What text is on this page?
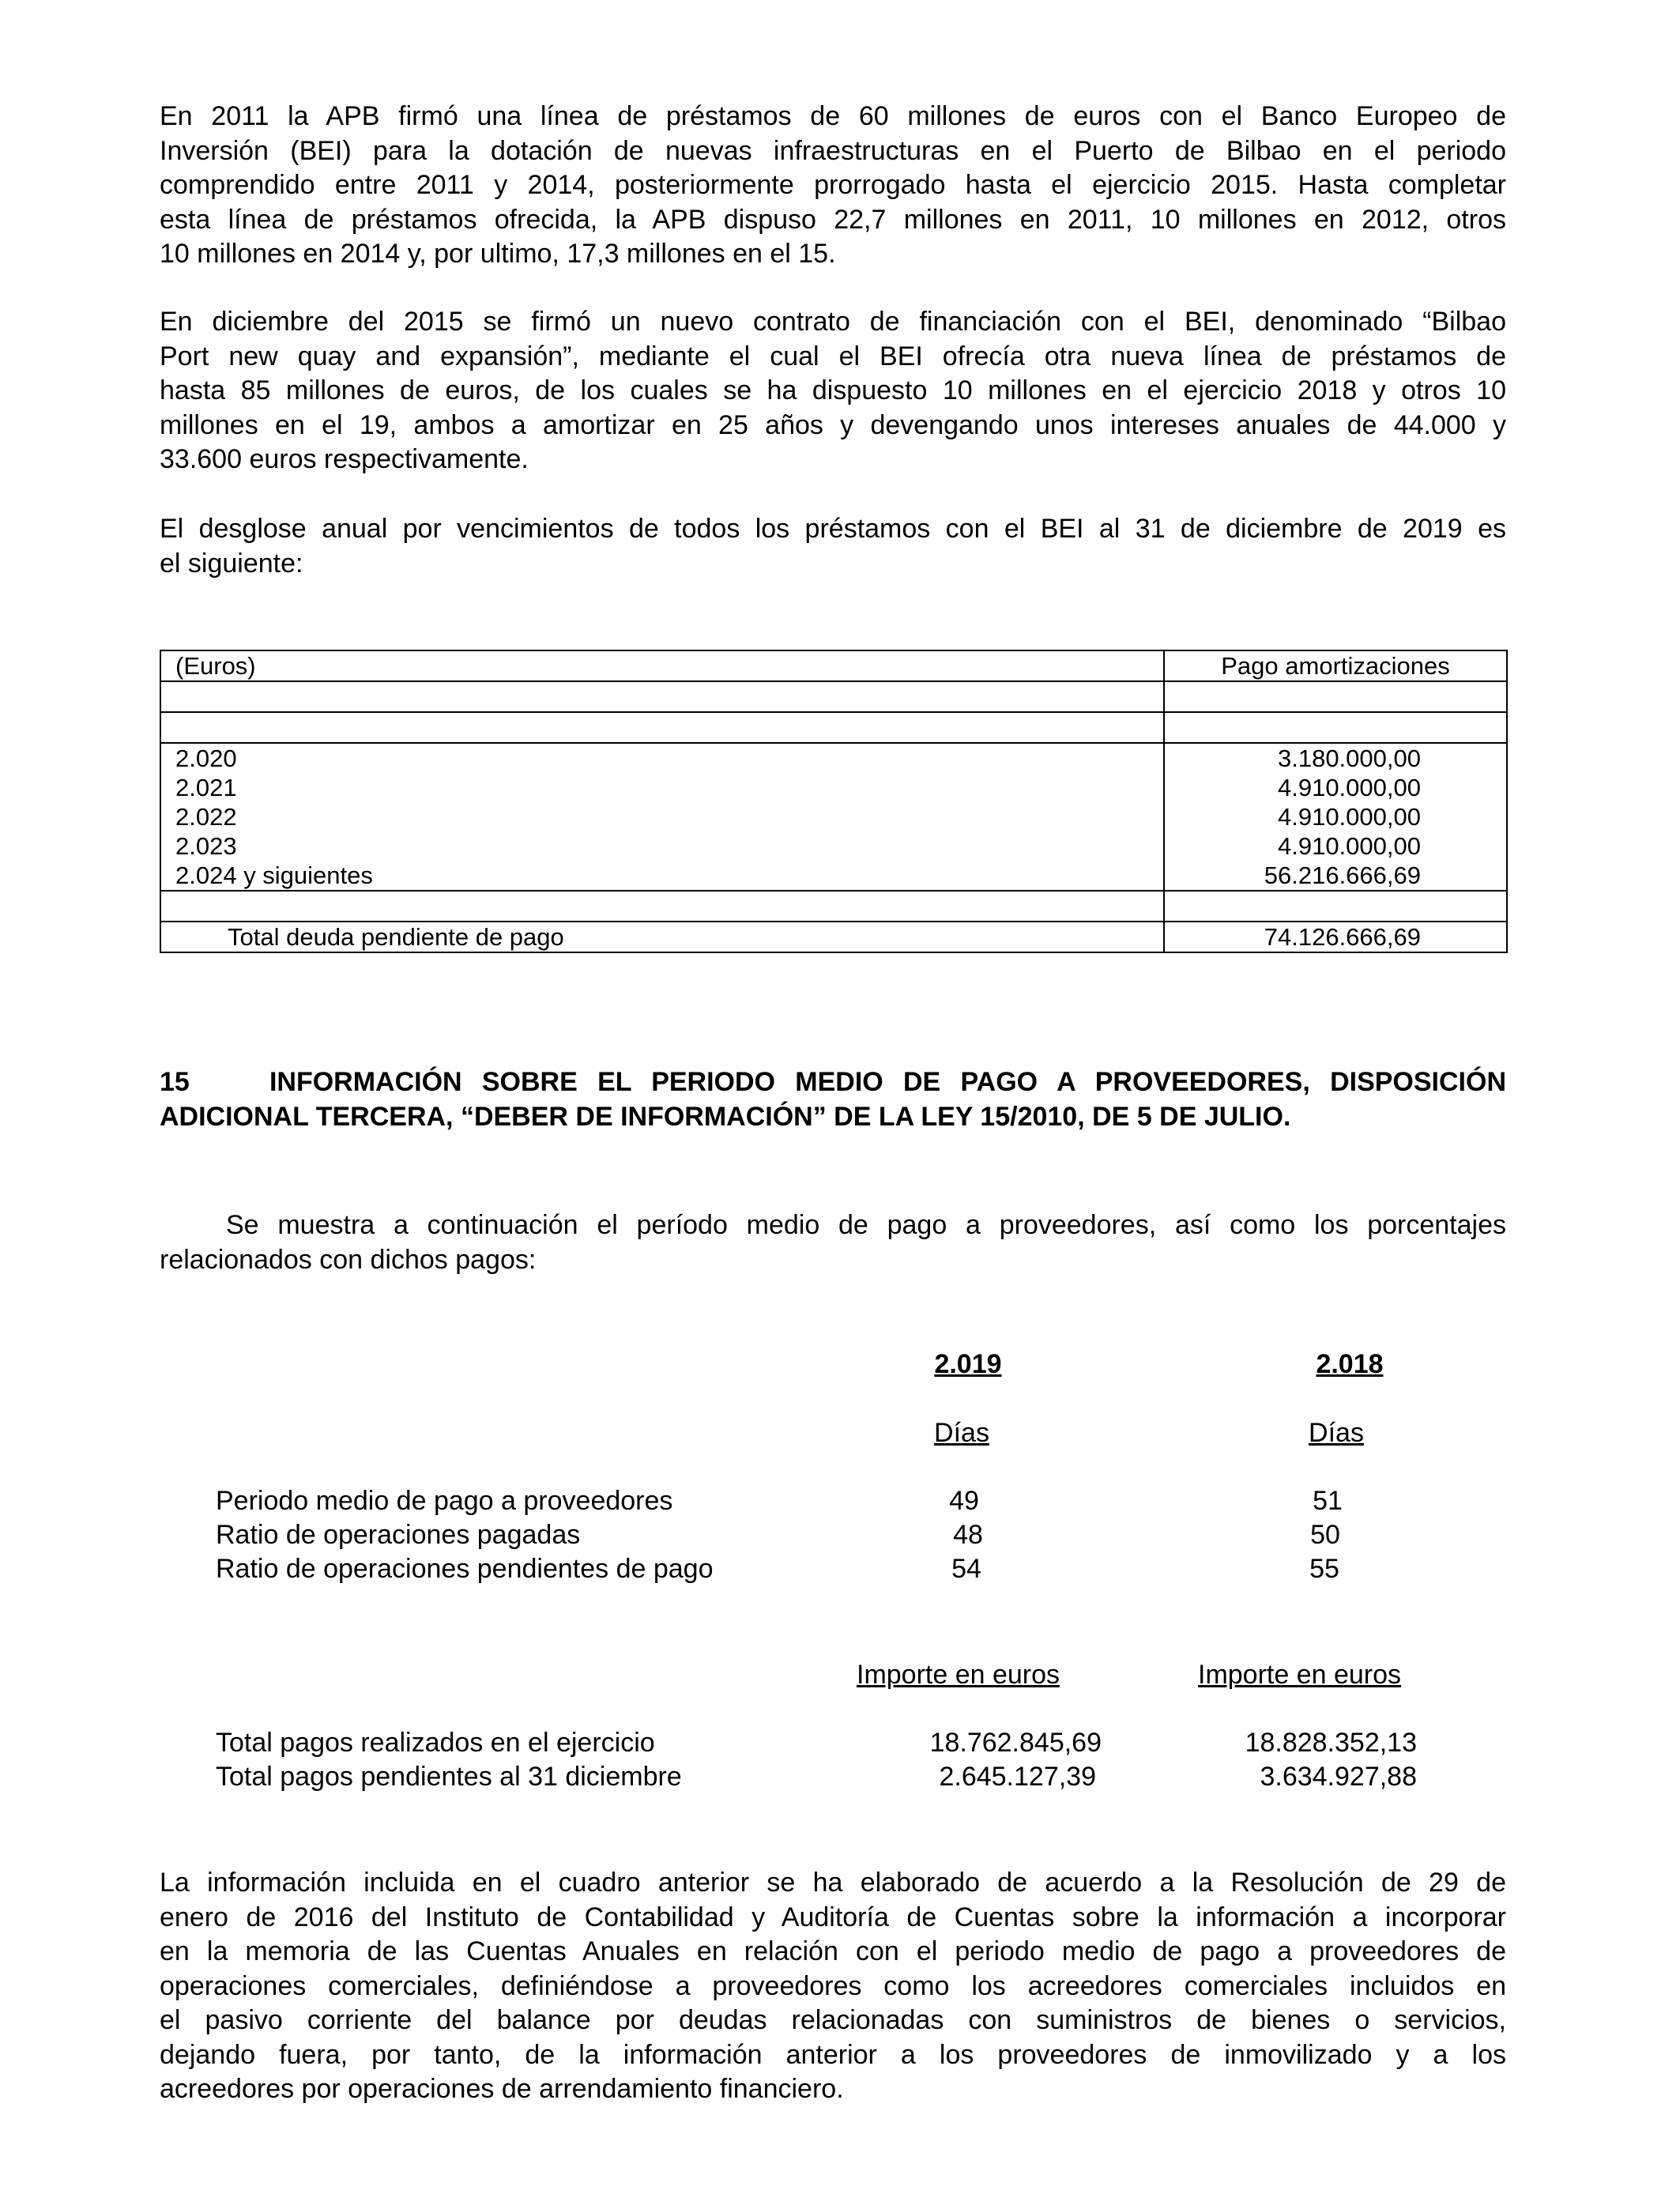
En 2011 la APB firmó una línea de préstamos de 60 millones de euros con el Banco Europeo de
Inversión (BEI) para la dotación de nuevas infraestructuras en el Puerto de Bilbao en el periodo
comprendido entre 2011 y 2014, posteriormente prorrogado hasta el ejercicio 2015. Hasta completar
esta línea de préstamos ofrecida, la APB dispuso 22,7 millones en 2011, 10 millones en 2012, otros
10 millones en 2014 y, por ultimo, 17,3 millones en el 15.
En diciembre del 2015 se firmó un nuevo contrato de financiación con el BEI, denominado “Bilbao
Port new quay and expansión”, mediante el cual el BEI ofrecía otra nueva línea de préstamos de
hasta 85 millones de euros, de los cuales se ha dispuesto 10 millones en el ejercicio 2018 y otros 10
millones en el 19, ambos a amortizar en 25 años y devengando unos intereses anuales de 44.000 y
33.600 euros respectivamente.
El desglose anual por vencimientos de todos los préstamos con el BEI al 31 de diciembre de 2019 es
el siguiente:
(Euros)	Pago amortizaciones

2.020	3.180.000,00
2.021	4.910.000,00
2.022	4.910.000,00
2.023	4.910.000,00
2.024 y siguientes	56.216.666,69

Total deuda pendiente de pago	74.126.666,69
15    INFORMACIÓN SOBRE EL PERIODO MEDIO DE PAGO A PROVEEDORES, DISPOSICIÓN
ADICIONAL TERCERA, “DEBER DE INFORMACIÓN” DE LA LEY 15/2010, DE 5 DE JULIO.
Se muestra a continuación el período medio de pago a proveedores, así como los porcentajes
relacionados con dichos pagos:
2.019	2.018
Días	Días
Periodo medio de pago a proveedores	49	51
Ratio de operaciones pagadas	48	50
Ratio de operaciones pendientes de pago	54	55
Importe en euros	Importe en euros
Total pagos realizados en el ejercicio	18.762.845,69	18.828.352,13
Total pagos pendientes al 31 diciembre	2.645.127,39	3.634.927,88
La información incluida en el cuadro anterior se ha elaborado de acuerdo a la Resolución de 29 de
enero de 2016 del Instituto de Contabilidad y Auditoría de Cuentas sobre la información a incorporar
en la memoria de las Cuentas Anuales en relación con el periodo medio de pago a proveedores de
operaciones comerciales, definiéndose a proveedores como los acreedores comerciales incluidos en
el pasivo corriente del balance por deudas relacionadas con suministros de bienes o servicios,
dejando fuera, por tanto, de la información anterior a los proveedores de inmovilizado y a los
acreedores por operaciones de arrendamiento financiero.
